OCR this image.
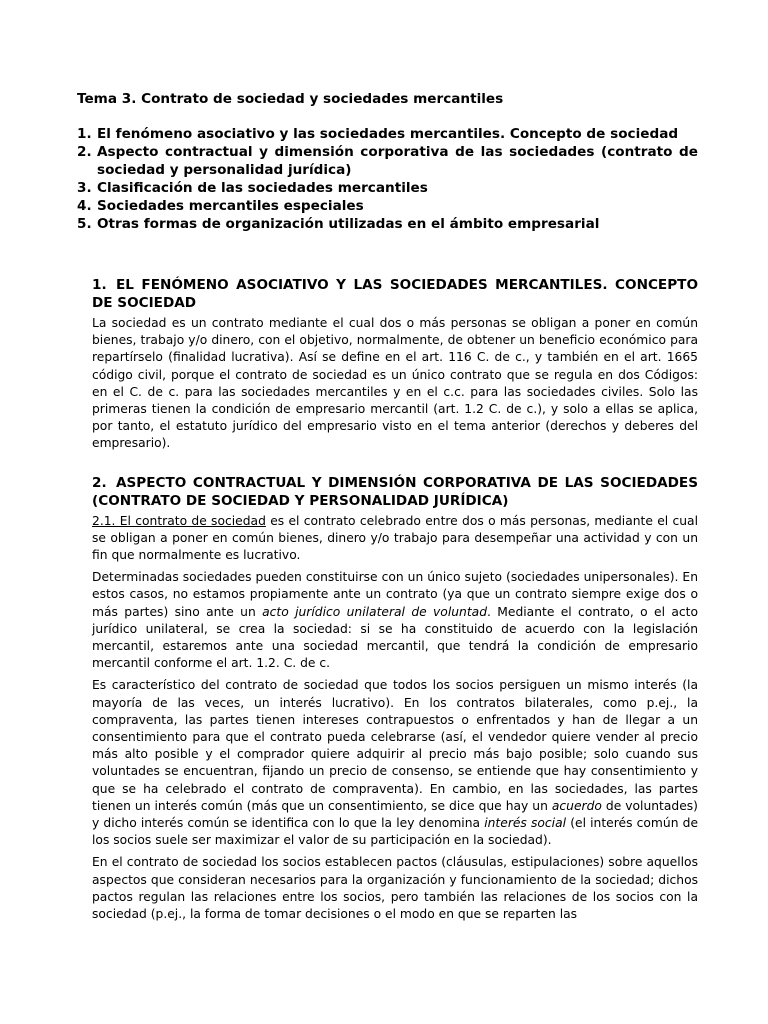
Tema 3. Contrato de sociedad y sociedades mercantiles
1. El fenómeno asociativo y las sociedades mercantiles. Concepto de sociedad
2. Aspecto contractual y dimensión corporativa de las sociedades (contrato de sociedad y personalidad jurídica)
3. Clasificación de las sociedades mercantiles
4. Sociedades mercantiles especiales
5. Otras formas de organización utilizadas en el ámbito empresarial
1. EL FENÓMENO ASOCIATIVO Y LAS SOCIEDADES MERCANTILES. CONCEPTO DE SOCIEDAD

La sociedad es un contrato mediante el cual dos o más personas se obligan a poner en común bienes, trabajo y/o dinero, con el objetivo, normalmente, de obtener un beneficio económico para repartírselo (finalidad lucrativa). Así se define en el art. 116 C. de c., y también en el art. 1665 código civil, porque el contrato de sociedad es un único contrato que se regula en dos Códigos: en el C. de c. para las sociedades mercantiles y en el c.c. para las sociedades civiles. Solo las primeras tienen la condición de empresario mercantil (art. 1.2 C. de c.), y solo a ellas se aplica, por tanto, el estatuto jurídico del empresario visto en el tema anterior (derechos y deberes del empresario).

2. ASPECTO CONTRACTUAL Y DIMENSIÓN CORPORATIVA DE LAS SOCIEDADES (CONTRATO DE SOCIEDAD Y PERSONALIDAD JURÍDICA)

2.1. El contrato de sociedad es el contrato celebrado entre dos o más personas, mediante el cual se obligan a poner en común bienes, dinero y/o trabajo para desempeñar una actividad y con un fin que normalmente es lucrativo.

Determinadas sociedades pueden constituirse con un único sujeto (sociedades unipersonales). En estos casos, no estamos propiamente ante un contrato (ya que un contrato siempre exige dos o más partes) sino ante un acto jurídico unilateral de voluntad. Mediante el contrato, o el acto jurídico unilateral, se crea la sociedad: si se ha constituido de acuerdo con la legislación mercantil, estaremos ante una sociedad mercantil, que tendrá la condición de empresario mercantil conforme el art. 1.2. C. de c.

Es característico del contrato de sociedad que todos los socios persiguen un mismo interés (la mayoría de las veces, un interés lucrativo). En los contratos bilaterales, como p.ej., la compraventa, las partes tienen intereses contrapuestos o enfrentados y han de llegar a un consentimiento para que el contrato pueda celebrarse (así, el vendedor quiere vender al precio más alto posible y el comprador quiere adquirir al precio más bajo posible; solo cuando sus voluntades se encuentran, fijando un precio de consenso, se entiende que hay consentimiento y que se ha celebrado el contrato de compraventa). En cambio, en las sociedades, las partes tienen un interés común (más que un consentimiento, se dice que hay un acuerdo de voluntades) y dicho interés común se identifica con lo que la ley denomina interés social (el interés común de los socios suele ser maximizar el valor de su participación en la sociedad).

En el contrato de sociedad los socios establecen pactos (cláusulas, estipulaciones) sobre aquellos aspectos que consideran necesarios para la organización y funcionamiento de la sociedad; dichos pactos regulan las relaciones entre los socios, pero también las relaciones de los socios con la sociedad (p.ej., la forma de tomar decisiones o el modo en que se reparten las
